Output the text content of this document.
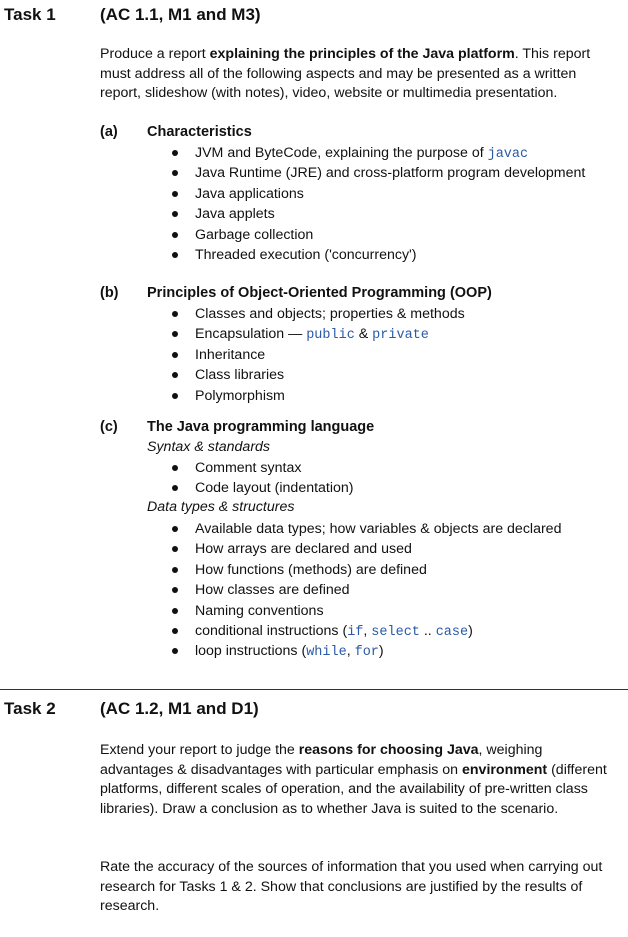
Task 1	(AC 1.1, M1 and M3)
Produce a report explaining the principles of the Java platform. This report must address all of the following aspects and may be presented as a written report, slideshow (with notes), video, website or multimedia presentation.
(a) Characteristics
JVM and ByteCode, explaining the purpose of javac
Java Runtime (JRE) and cross-platform program development
Java applications
Java applets
Garbage collection
Threaded execution ('concurrency')
(b) Principles of Object-Oriented Programming (OOP)
Classes and objects; properties & methods
Encapsulation — public & private
Inheritance
Class libraries
Polymorphism
(c) The Java programming language
Syntax & standards
Comment syntax
Code layout (indentation)
Data types & structures
Available data types; how variables & objects are declared
How arrays are declared and used
How functions (methods) are defined
How classes are defined
Naming conventions
conditional instructions (if, select .. case)
loop instructions (while, for)
Task 2	(AC 1.2, M1 and D1)
Extend your report to judge the reasons for choosing Java, weighing advantages & disadvantages with particular emphasis on environment (different platforms, different scales of operation, and the availability of pre-written class libraries). Draw a conclusion as to whether Java is suited to the scenario.
Rate the accuracy of the sources of information that you used when carrying out research for Tasks 1 & 2. Show that conclusions are justified by the results of research.
